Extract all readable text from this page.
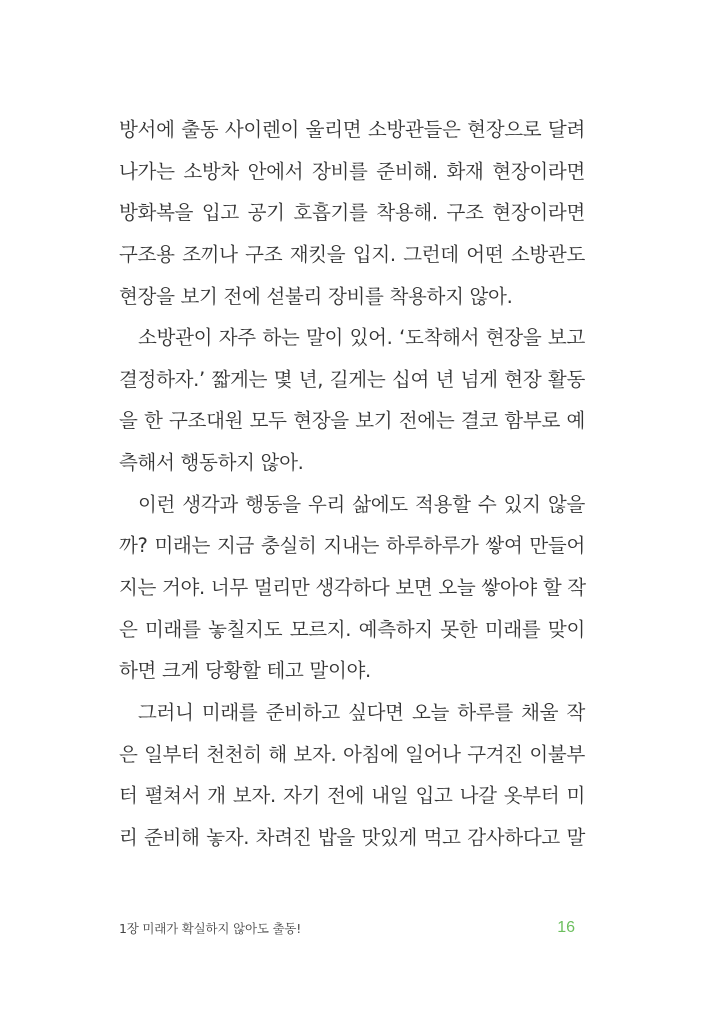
방서에 출동 사이렌이 울리면 소방관들은 현장으로 달려
나가는 소방차 안에서 장비를 준비해. 화재 현장이라면
방화복을 입고 공기 호흡기를 착용해. 구조 현장이라면
구조용 조끼나 구조 재킷을 입지. 그런데 어떤 소방관도
현장을 보기 전에 섣불리 장비를 착용하지 않아.
소방관이 자주 하는 말이 있어. ‘도착해서 현장을 보고
결정하자.’ 짧게는 몇 년, 길게는 십여 년 넘게 현장 활동
을 한 구조대원 모두 현장을 보기 전에는 결코 함부로 예
측해서 행동하지 않아.
이런 생각과 행동을 우리 삶에도 적용할 수 있지 않을
까? 미래는 지금 충실히 지내는 하루하루가 쌓여 만들어
지는 거야. 너무 멀리만 생각하다 보면 오늘 쌓아야 할 작
은 미래를 놓칠지도 모르지. 예측하지 못한 미래를 맞이
하면 크게 당황할 테고 말이야.
그러니 미래를 준비하고 싶다면 오늘 하루를 채울 작
은 일부터 천천히 해 보자. 아침에 일어나 구겨진 이불부
터 펼쳐서 개 보자. 자기 전에 내일 입고 나갈 옷부터 미
리 준비해 놓자. 차려진 밥을 맛있게 먹고 감사하다고 말
1장 미래가 확실하지 않아도 출동!	16
